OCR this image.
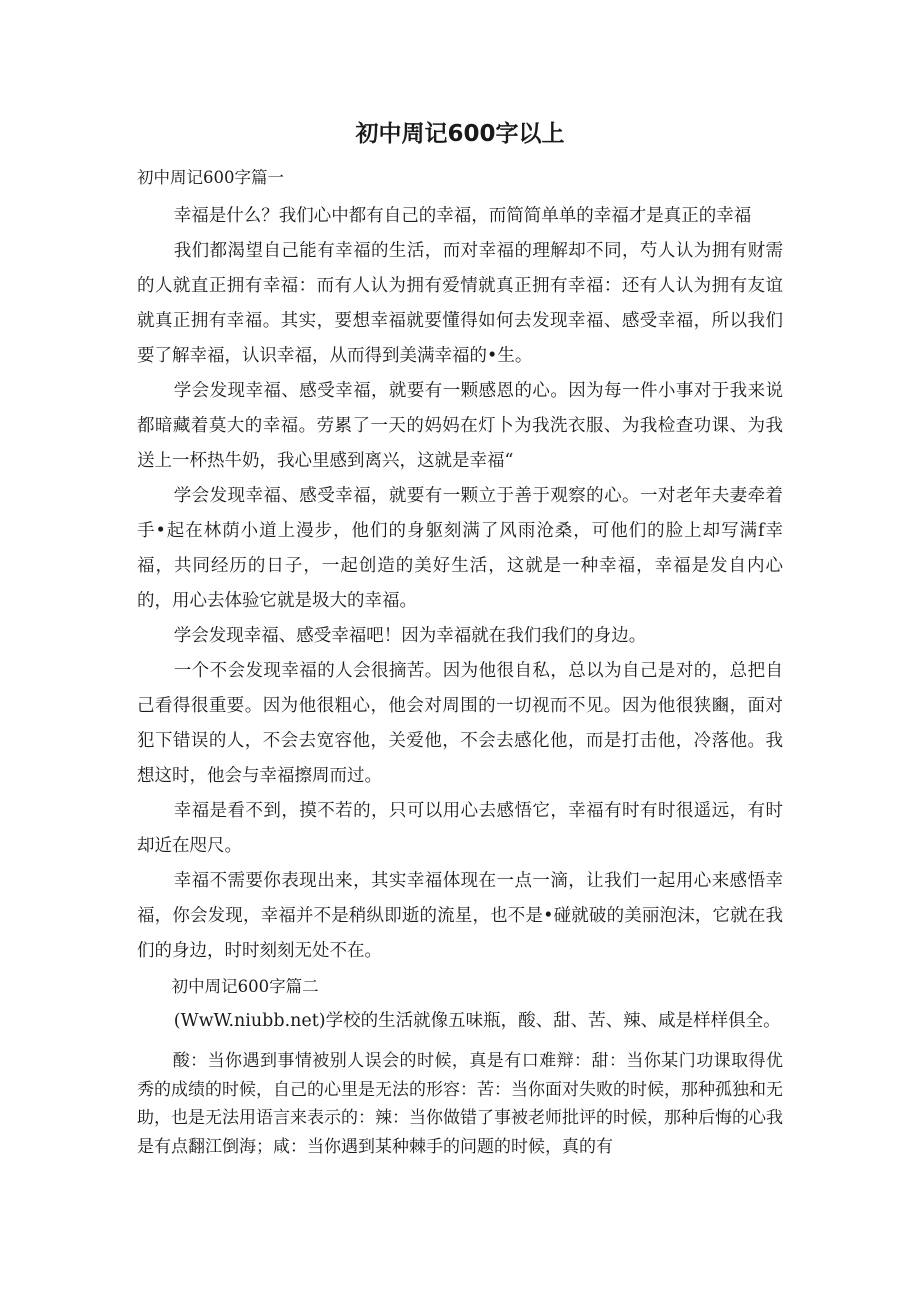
初中周记600字以上

初中周记600字篇一

幸福是什么？我们心中都有自己的幸福，而简简单单的幸福才是真正的幸福

我们都渴望自己能有幸福的生活，而对幸福的理解却不同，芍人认为拥有财需的人就直正拥有幸福：而有人认为拥有爱情就真正拥有幸福：还有人认为拥有友谊就真正拥有幸福。其实，要想幸福就要懂得如何去发现幸福、感受幸福，所以我们要了解幸福，认识幸福，从而得到美满幸福的•生。

学会发现幸福、感受幸福，就要有一颗感恩的心。因为每一件小事对于我来说都暗藏着莫大的幸福。劳累了一天的妈妈在灯卜为我洗衣服、为我检查功课、为我送上一杯热牛奶，我心里感到离兴，这就是幸福“

学会发现幸福、感受幸福，就要有一颗立于善于观察的心。一对老年夫妻牵着手•起在林荫小道上漫步，他们的身躯刻满了风雨沧桑，可他们的脸上却写满f幸福，共同经历的日子，一起创造的美好生活，这就是一种幸福，幸福是发自内心的，用心去体验它就是圾大的幸福。

学会发现幸福、感受幸福吧！因为幸福就在我们我们的身边。

一个不会发现幸福的人会很摘苦。因为他很自私，总以为自己是对的，总把自己看得很重要。因为他很粗心，他会对周围的一切视而不见。因为他很狭豳，面对犯下错误的人，不会去宽容他，关爱他，不会去感化他，而是打击他，冷落他。我想这时，他会与幸福擦周而过。

幸福是看不到，摸不若的，只可以用心去感悟它，幸福有时有时很遥远，有时却近在咫尺。

幸福不需要你表现出来，其实幸福体现在一点一滴，让我们一起用心来感悟幸福，你会发现，幸福并不是稍纵即逝的流星，也不是•碰就破的美丽泡沫，它就在我们的身边，时时刻刻无处不在。

初中周记600字篇二

(WwW.niubb.net)学校的生活就像五味瓶，酸、甜、苦、辣、咸是样样俱全。

酸：当你遇到事情被别人误会的时候，真是有口难辩：甜：当你某门功课取得优秀的成绩的时候，自己的心里是无法的形容：苦：当你面对失败的时候，那种孤独和无助，也是无法用语言来表示的：辣：当你做错了事被老师批评的时候，那种后悔的心我是有点翻江倒海；咸：当你遇到某种棘手的问题的时候，真的有
